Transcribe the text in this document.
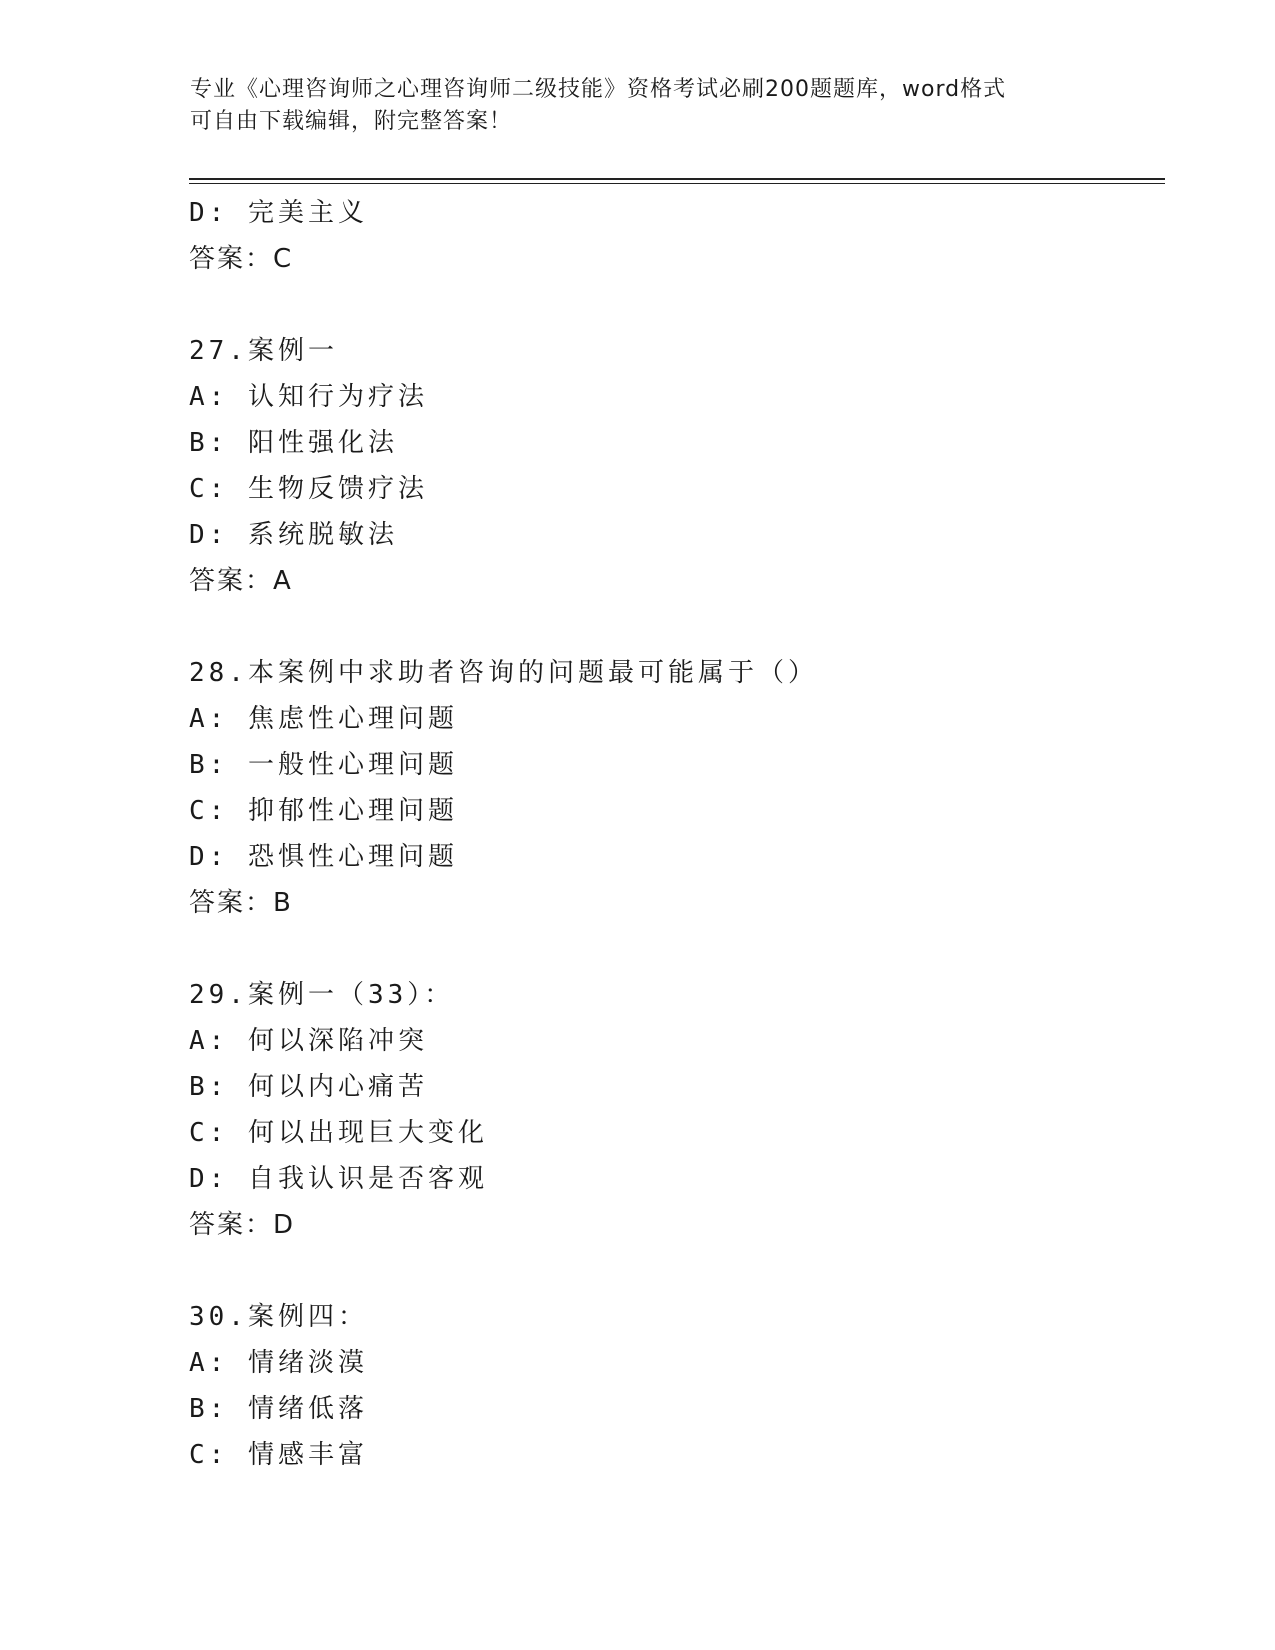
专业《心理咨询师之心理咨询师二级技能》资格考试必刷200题题库，word格式
可自由下载编辑，附完整答案！
D: 完美主义
答案：C
27.案例一
A: 认知行为疗法
B: 阳性强化法
C: 生物反馈疗法
D: 系统脱敏法
答案：A
28.本案例中求助者咨询的问题最可能属于（）
A: 焦虑性心理问题
B: 一般性心理问题
C: 抑郁性心理问题
D: 恐惧性心理问题
答案：B
29.案例一（33）：
A: 何以深陷冲突
B: 何以内心痛苦
C: 何以出现巨大变化
D: 自我认识是否客观
答案：D
30.案例四：
A: 情绪淡漠
B: 情绪低落
C: 情感丰富
